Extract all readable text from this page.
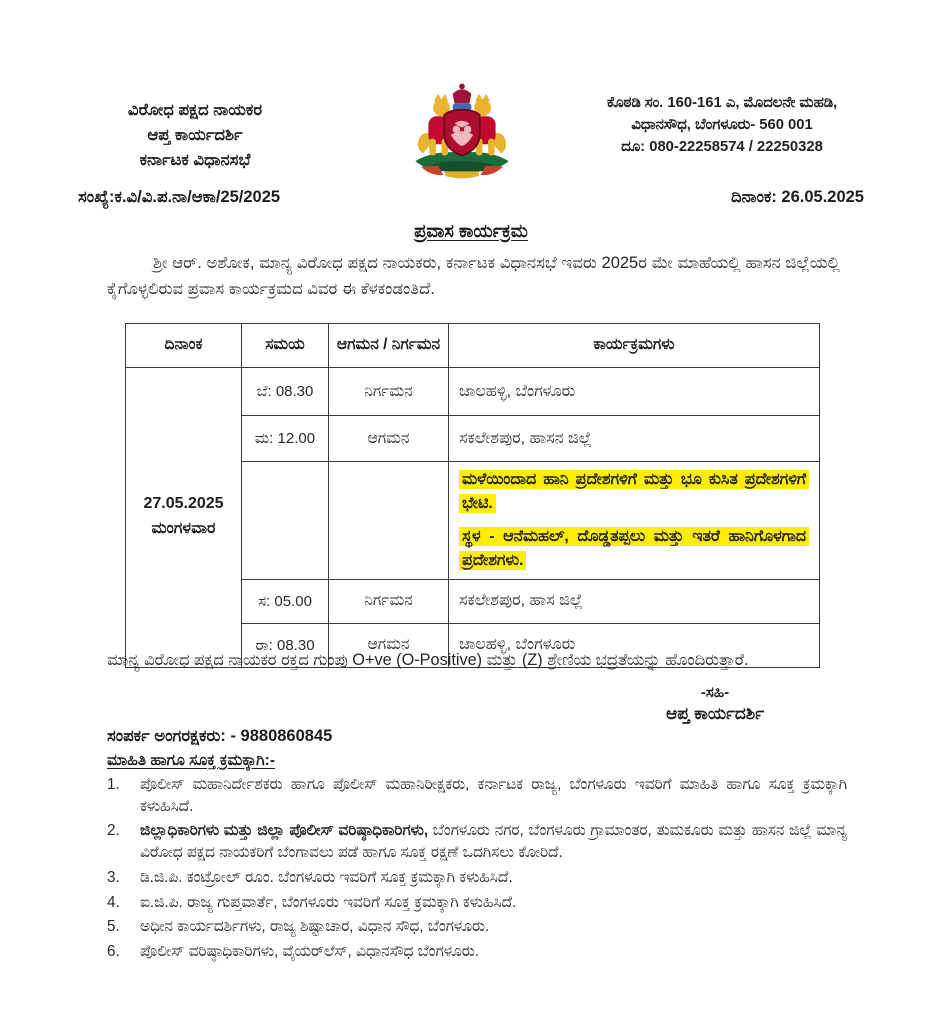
ವಿರೋಧ ಪಕ್ಷದ ನಾಯಕರ
ಆಪ್ತ ಕಾರ್ಯದರ್ಶಿ
ಕರ್ನಾಟಕ ವಿಧಾನಸಭೆ
ಕೊಠಡಿ ಸಂ. 160-161 ಎ, ಮೊದಲನೇ ಮಹಡಿ,
ವಿಧಾನಸೌಧ, ಬೆಂಗಳೂರು- 560 001
ದೂ: 080-22258574 / 22250328
ಸಂಖ್ಯೆ:ಕ.ವಿ/ವಿ.ಪ.ನಾ/ಆಕಾ/25/2025	ದಿನಾಂಕ: 26.05.2025
ಪ್ರವಾಸ ಕಾರ್ಯಕ್ರಮ

ಶ್ರೀ ಆರ್. ಅಶೋಕ, ಮಾನ್ಯ ವಿರೋಧ ಪಕ್ಷದ ನಾಯಕರು, ಕರ್ನಾಟಕ ವಿಧಾನಸಭೆ ಇವರು 2025ರ ಮೇ ಮಾಹೆಯಲ್ಲಿ ಹಾಸನ ಜಿಲ್ಲೆಯಲ್ಲಿ ಕೈಗೊಳ್ಳಲಿರುವ ಪ್ರವಾಸ ಕಾರ್ಯಕ್ರಮದ ವಿವರ ಈ ಕೆಳಕಂಡಂತಿದೆ.

ದಿನಾಂಕ	ಸಮಯ	ಆಗಮನ / ನಿರ್ಗಮನ	ಕಾರ್ಯಕ್ರಮಗಳು

27.05.2025
ಮಂಗಳವಾರ	ಬೆ: 08.30	ನಿರ್ಗಮನ	ಜಾಲಹಳ್ಳಿ, ಬೆಂಗಳೂರು
	ಮ: 12.00	ಆಗಮನ	ಸಕಲೇಶಪುರ, ಹಾಸನ ಜಿಲ್ಲೆ

			ಮಳೆಯಿಂದಾದ ಹಾನಿ ಪ್ರದೇಶಗಳಿಗೆ ಮತ್ತು ಭೂ ಕುಸಿತ ಪ್ರದೇಶಗಳಿಗೆ ಭೇಟಿ.

ಸ್ಥಳ - ಆನೆಮಹಲ್, ದೊಡ್ಡತಪ್ಪಲು ಮತ್ತು ಇತರೆ ಹಾನಿಗೊಳಗಾದ ಪ್ರದೇಶಗಳು.

	ಸ: 05.00	ನಿರ್ಗಮನ	ಸಕಲೇಶಪುರ, ಹಾಸ ಜಿಲ್ಲೆ
	ರಾ: 08.30	ಆಗಮನ	ಜಾಲಹಳ್ಳಿ, ಬೆಂಗಳೂರು

ಮಾನ್ಯ ವಿರೋಧ ಪಕ್ಷದ ನಾಯಕರ ರಕ್ತದ ಗುಂಪು O+ve (O-Positive) ಮತ್ತು (Z) ಶ್ರೇಣಿಯ ಭದ್ರತೆಯನ್ನು ಹೊಂದಿರುತ್ತಾರೆ.

-ಸಹಿ-
ಆಪ್ತ ಕಾರ್ಯದರ್ಶಿ
ಸಂಪರ್ಕ ಅಂಗರಕ್ಷಕರು: - 9880860845
ಮಾಹಿತಿ ಹಾಗೂ ಸೂಕ್ತ ಕ್ರಮಕ್ಕಾಗಿ:-
1.	ಪೊಲೀಸ್ ಮಹಾನಿರ್ದೇಶಕರು ಹಾಗೂ ಪೊಲೀಸ್ ಮಹಾನಿರೀಕ್ಷಕರು, ಕರ್ನಾಟಕ ರಾಜ್ಯ, ಬೆಂಗಳೂರು ಇವರಿಗೆ ಮಾಹಿತಿ ಹಾಗೂ ಸೂಕ್ತ ಕ್ರಮಕ್ಕಾಗಿ ಕಳುಹಿಸಿದೆ.
2.	ಜಿಲ್ಲಾಧಿಕಾರಿಗಳು ಮತ್ತು ಜಿಲ್ಲಾ ಪೊಲೀಸ್ ವರಿಷ್ಠಾಧಿಕಾರಿಗಳು, ಬೆಂಗಳೂರು ನಗರ, ಬೆಂಗಳೂರು ಗ್ರಾಮಾಂತರ, ತುಮಕೂರು ಮತ್ತು ಹಾಸನ ಜಿಲ್ಲೆ ಮಾನ್ಯ ವಿರೋಧ ಪಕ್ಷದ ನಾಯಕರಿಗೆ ಬೆಂಗಾವಲು ಪಡೆ ಹಾಗೂ ಸೂಕ್ತ ರಕ್ಷಣೆ ಒದಗಿಸಲು ಕೋರಿದೆ.
3.	ಡಿ.ಜಿ.ಪಿ. ಕಂಟ್ರೋಲ್ ರೂಂ. ಬೆಂಗಳೂರು ಇವರಿಗೆ ಸೂಕ್ತ ಕ್ರಮಕ್ಕಾಗಿ ಕಳುಹಿಸಿದೆ.
4.	ಐ.ಜಿ.ಪಿ. ರಾಜ್ಯ ಗುಪ್ತವಾರ್ತೆ, ಬೆಂಗಳೂರು ಇವರಿಗೆ ಸೂಕ್ತ ಕ್ರಮಕ್ಕಾಗಿ ಕಳುಹಿಸಿದೆ.
5.	ಅಧೀನ ಕಾರ್ಯದರ್ಶಿಗಳು, ರಾಜ್ಯ ಶಿಷ್ಟಾಚಾರ, ವಿಧಾನ ಸೌಧ, ಬೆಂಗಳೂರು.
6.	ಪೊಲೀಸ್ ವರಿಷ್ಠಾಧಿಕಾರಿಗಳು, ವೈಯರ್‌ಲೆಸ್, ವಿಧಾನಸೌಧ ಬೆಂಗಳೂರು.
